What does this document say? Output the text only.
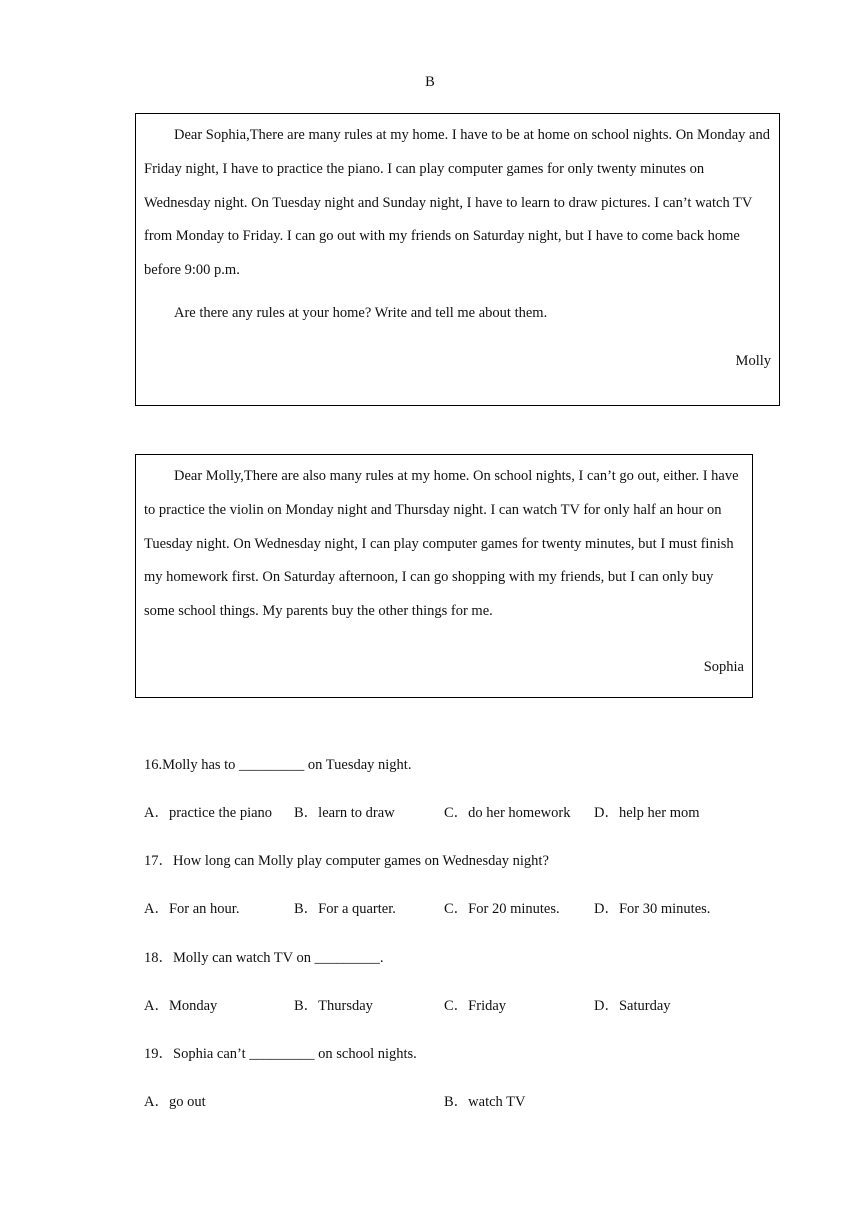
B

Dear Sophia,There are many rules at my home. I have to be at home on school nights. On Monday and Friday night, I have to practice the piano. I can play computer games for only twenty minutes on Wednesday night. On Tuesday night and Sunday night, I have to learn to draw pictures. I can’t watch TV from Monday to Friday. I can go out with my friends on Saturday night, but I have to come back home before 9:00 p.m.

Are there any rules at your home? Write and tell me about them.

Molly

Dear Molly,There are also many rules at my home. On school nights, I can’t go out, either. I have to practice the violin on Monday night and Thursday night. I can watch TV for only half an hour on Tuesday night. On Wednesday night, I can play computer games for twenty minutes, but I must finish my homework first. On Saturday afternoon, I can go shopping with my friends, but I can only buy some school things. My parents buy the other things for me.

Sophia

16.Molly has to _________ on Tuesday night.

A．practice the piano B．learn to draw	C．do her homework D．help her mom

17．How long can Molly play computer games on Wednesday night?

A．For an hour.	B．For a quarter.	C．For 20 minutes. D．For 30 minutes.

18．Molly can watch TV on _________.

A．Monday	B．Thursday	C．Friday	D．Saturday

19．Sophia can’t _________ on school nights.

A．go out	B．watch TV
